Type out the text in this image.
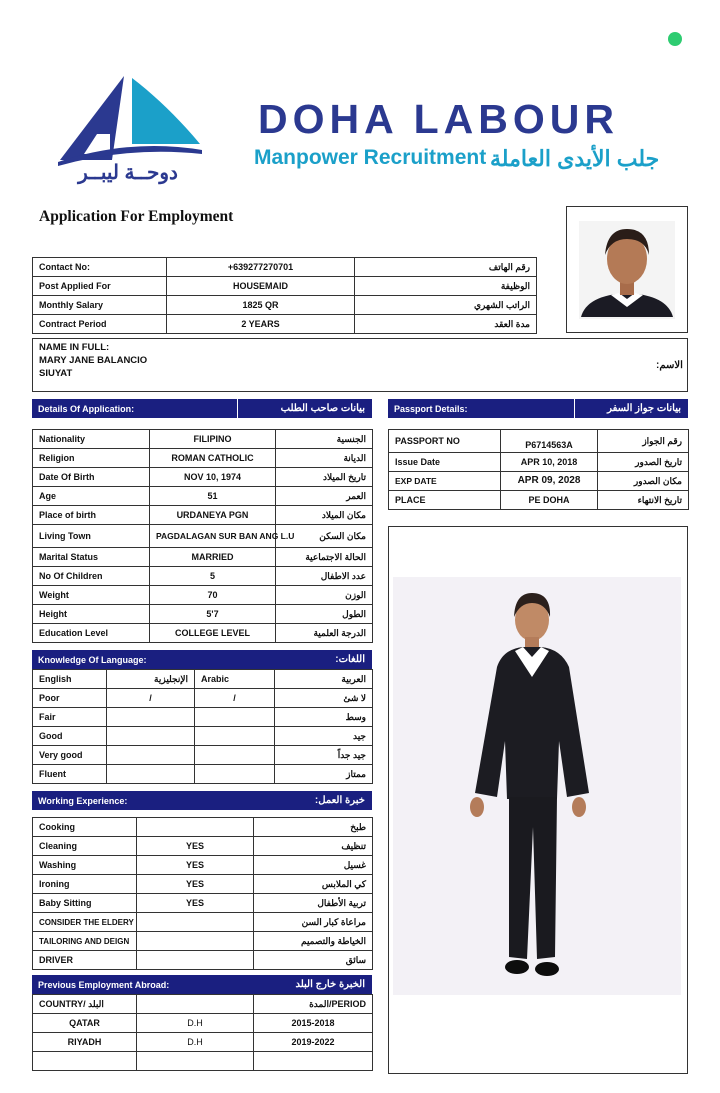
دوحــة ليبــر
DOHA LABOUR
Manpower Recruitment جلب الأيدى العاملة
Application For Employment
Contact No:	+639277270701	رقم الهاتف
Post Applied For	HOUSEMAID	الوظيفة
Monthly Salary	1825 QR	الراتب الشهري
Contract Period	2 YEARS	مدة العقد
NAME IN FULL:
MARY JANE BALANCIO
SIUYAT
الاسم:
Details Of Application:	بيانات صاحب الطلب	Passport Details:	بيانات جواز السفر
Nationality	FILIPINO	الجنسية
Religion	ROMAN CATHOLIC	الديانة
Date Of Birth	NOV 10, 1974	تاريخ الميلاد
Age	51	العمر
Place of birth	URDANEYA PGN	مكان الميلاد
Living Town	PAGDALAGAN SUR BAN ANG L.U	مكان السكن
Marital Status	MARRIED	الحالة الاجتماعية
No Of Children	5	عدد الاطفال
Weight	70	الوزن
Height	5'7	الطول
Education Level	COLLEGE LEVEL	الدرجة العلمية
PASSPORT NO	P6714563A	رقم الجواز
Issue Date	APR 10, 2018	تاريخ الصدور
EXP DATE	APR 09, 2028	مكان الصدور
PLACE	PE DOHA	تاريخ الانتهاء
Knowledge Of Language:	اللغات:
English	الإنجليزية	Arabic	العربية
Poor	/	/	لا شئ
Fair			وسط
Good			جيد
Very good			جيد جداً
Fluent			ممتاز
Working Experience:	خبرة العمل:
Cooking		طبخ
Cleaning	YES	تنظيف
Washing	YES	غسيل
Ironing	YES	كي الملابس
Baby Sitting	YES	تربية الأطفال
CONSIDER THE ELDERY		مراعاة كبار السن
TAILORING AND DEIGN		الخياطة والتصميم
DRIVER		سائق
Previous Employment Abroad:	الخبرة خارج البلد
COUNTRY/ البلد		PERIOD/المدة
QATAR	D.H	2015-2018
RIYADH	D.H	2019-2022
